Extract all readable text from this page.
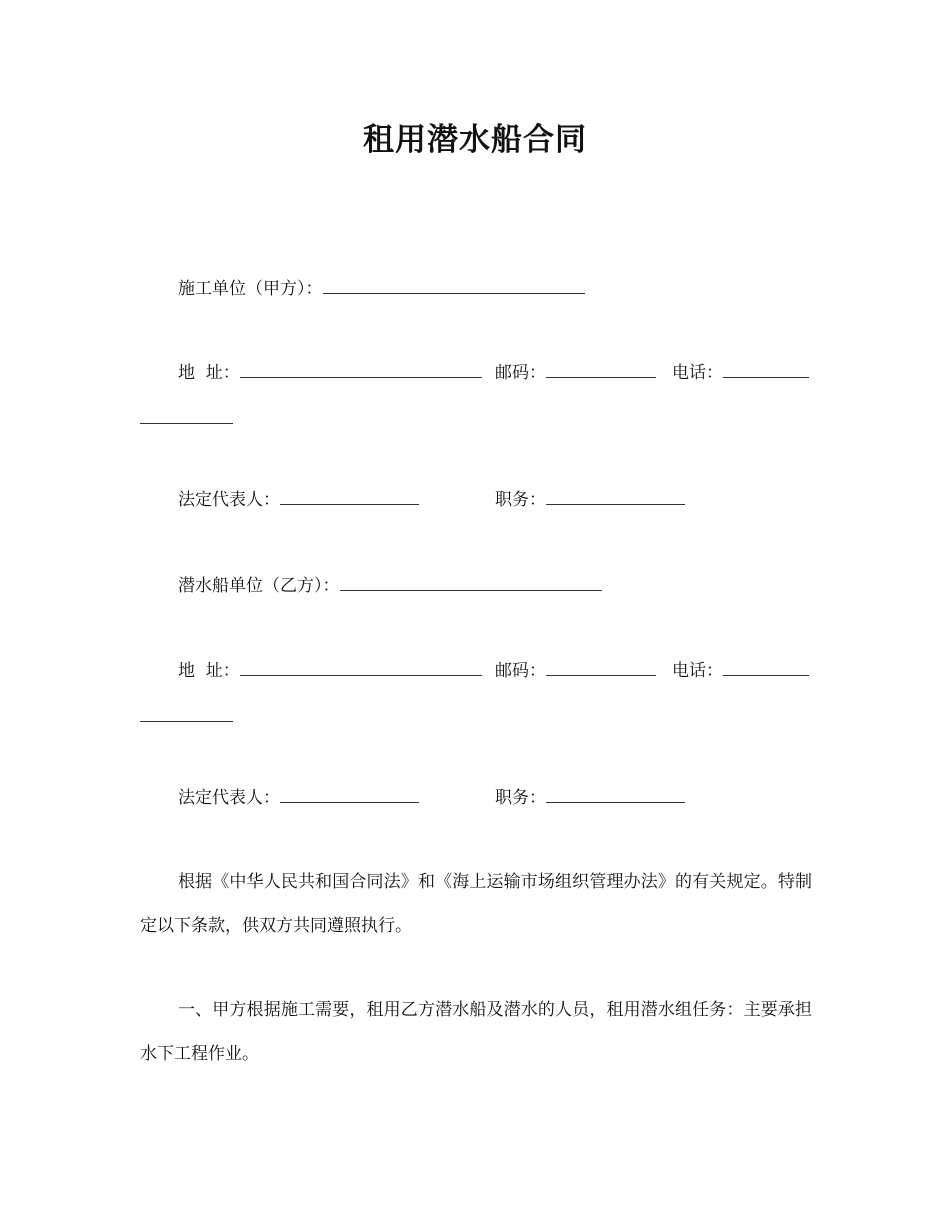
租用潜水船合同
施工单位（甲方）：
地  址：	邮码：	电话：
法定代表人：	职务：
潜水船单位（乙方）：
地  址：	邮码：	电话：
法定代表人：	职务：
根据《中华人民共和国合同法》和《海上运输市场组织管理办法》的有关规定。特制定以下条款，供双方共同遵照执行。
一、甲方根据施工需要，租用乙方潜水船及潜水的人员，租用潜水组任务：主要承担水下工程作业。
